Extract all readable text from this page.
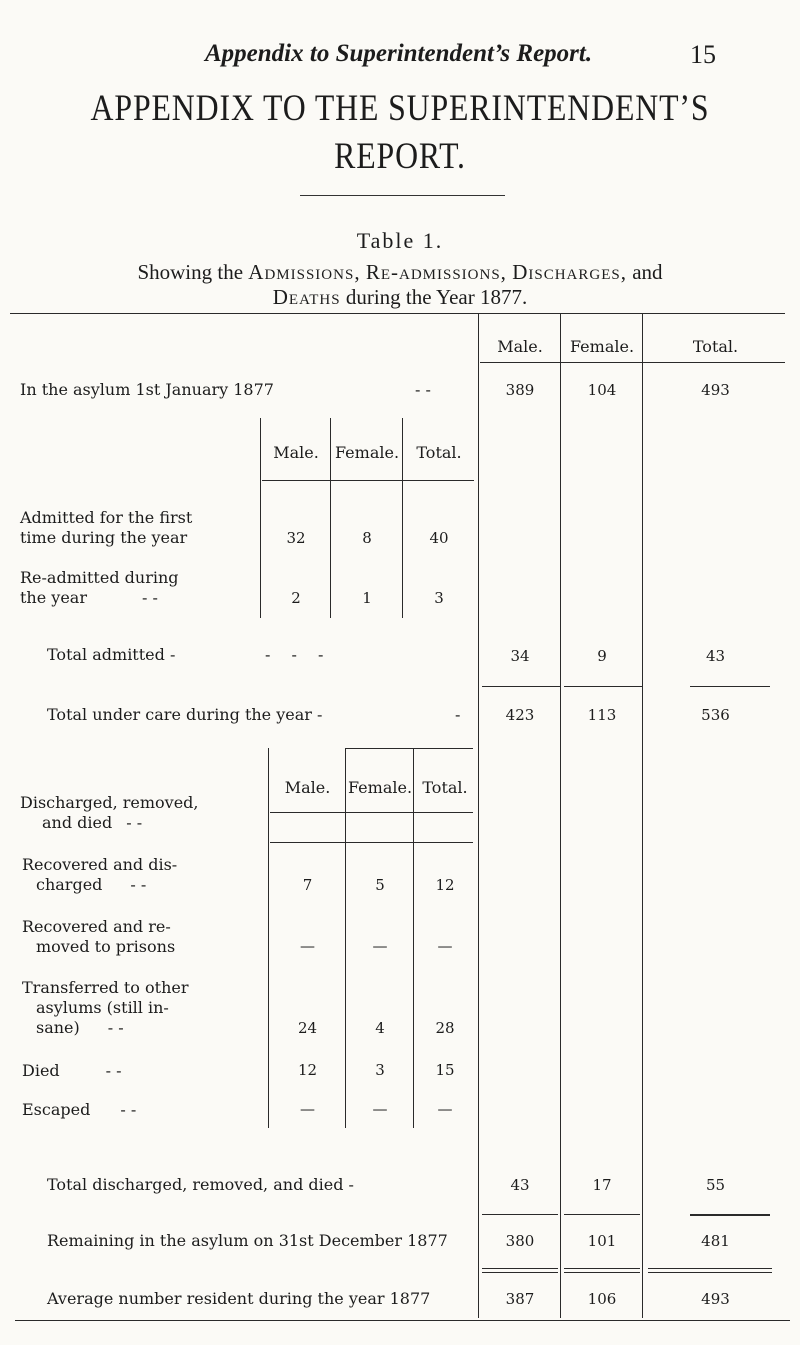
Appendix to Superintendent’s Report.	15
APPENDIX TO THE SUPERINTENDENT’S
REPORT.
Table 1.
Showing the Admissions, Re-admissions, Discharges, and
Deaths during the Year 1877.
Male.	Female.	Total.
In the asylum 1st January 1877	- -	389	104	493
Male.	Female.	Total.
Admitted for the first
time during the year	32	8	40
Re-admitted during
the year	- -	2	1	3
Total admitted -	- - -	34	9	43
Total under care during the year -	-	423	113	536
Male.	Female. Total.
Discharged, removed,
and died - -
Recovered and dis-
charged - -	7	5	12
Recovered and re-
moved to prisons	—	—	—
Transferred to other
asylums (still in-
sane) - -	24	4	28
Died	- -	12	3	15
Escaped - -	—	—	—
Total discharged, removed, and died -	43	17	55
Remaining in the asylum on 31st December 1877	380	101	481
Average number resident during the year 1877	387	106	493
